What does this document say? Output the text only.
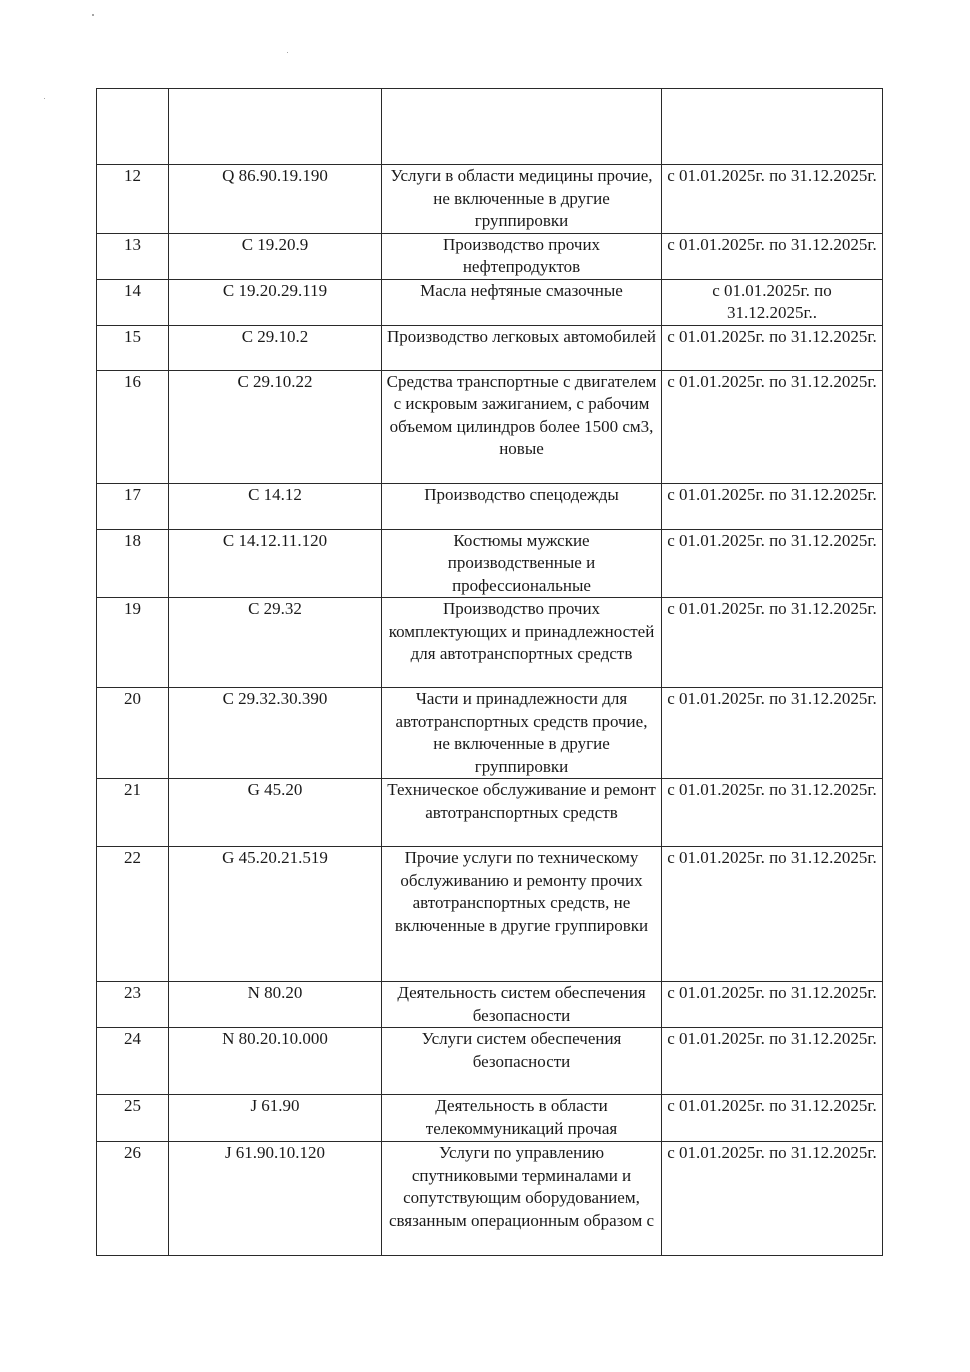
12	Q 86.90.19.190	Услуги в области медицины прочие, не включенные в другие группировки	с 01.01.2025г. по 31.12.2025г.
13	С 19.20.9	Производство прочих нефтепродуктов	с 01.01.2025г. по 31.12.2025г.
14	С 19.20.29.119	Масла нефтяные смазочные	с 01.01.2025г. по 31.12.2025г..
15	С 29.10.2	Производство легковых автомобилей	с 01.01.2025г. по 31.12.2025г.
16	С 29.10.22	Средства транспортные с двигателем с искровым зажиганием, с рабочим объемом цилиндров более 1500 см3, новые	с 01.01.2025г. по 31.12.2025г.
17	С 14.12	Производство спецодежды	с 01.01.2025г. по 31.12.2025г.
18	С 14.12.11.120	Костюмы мужские производственные и профессиональные	с 01.01.2025г. по 31.12.2025г.
19	С 29.32	Производство прочих комплектующих и принадлежностей для автотранспортных средств	с 01.01.2025г. по 31.12.2025г.
20	С 29.32.30.390	Части и принадлежности для автотранспортных средств прочие, не включенные в другие группировки	с 01.01.2025г. по 31.12.2025г.
21	G 45.20	Техническое обслуживание и ремонт автотранспортных средств	с 01.01.2025г. по 31.12.2025г.
22	G 45.20.21.519	Прочие услуги по техническому обслуживанию и ремонту прочих автотранспортных средств, не включенные в другие группировки	с 01.01.2025г. по 31.12.2025г.
23	N 80.20	Деятельность систем обеспечения безопасности	с 01.01.2025г. по 31.12.2025г.
24	N 80.20.10.000	Услуги систем обеспечения безопасности	с 01.01.2025г. по 31.12.2025г.
25	J 61.90	Деятельность в области телекоммуникаций прочая	с 01.01.2025г. по 31.12.2025г.
26	J 61.90.10.120	Услуги по управлению спутниковыми терминалами и сопутствующим оборудованием, связанным операционным образом с	с 01.01.2025г. по 31.12.2025г.
